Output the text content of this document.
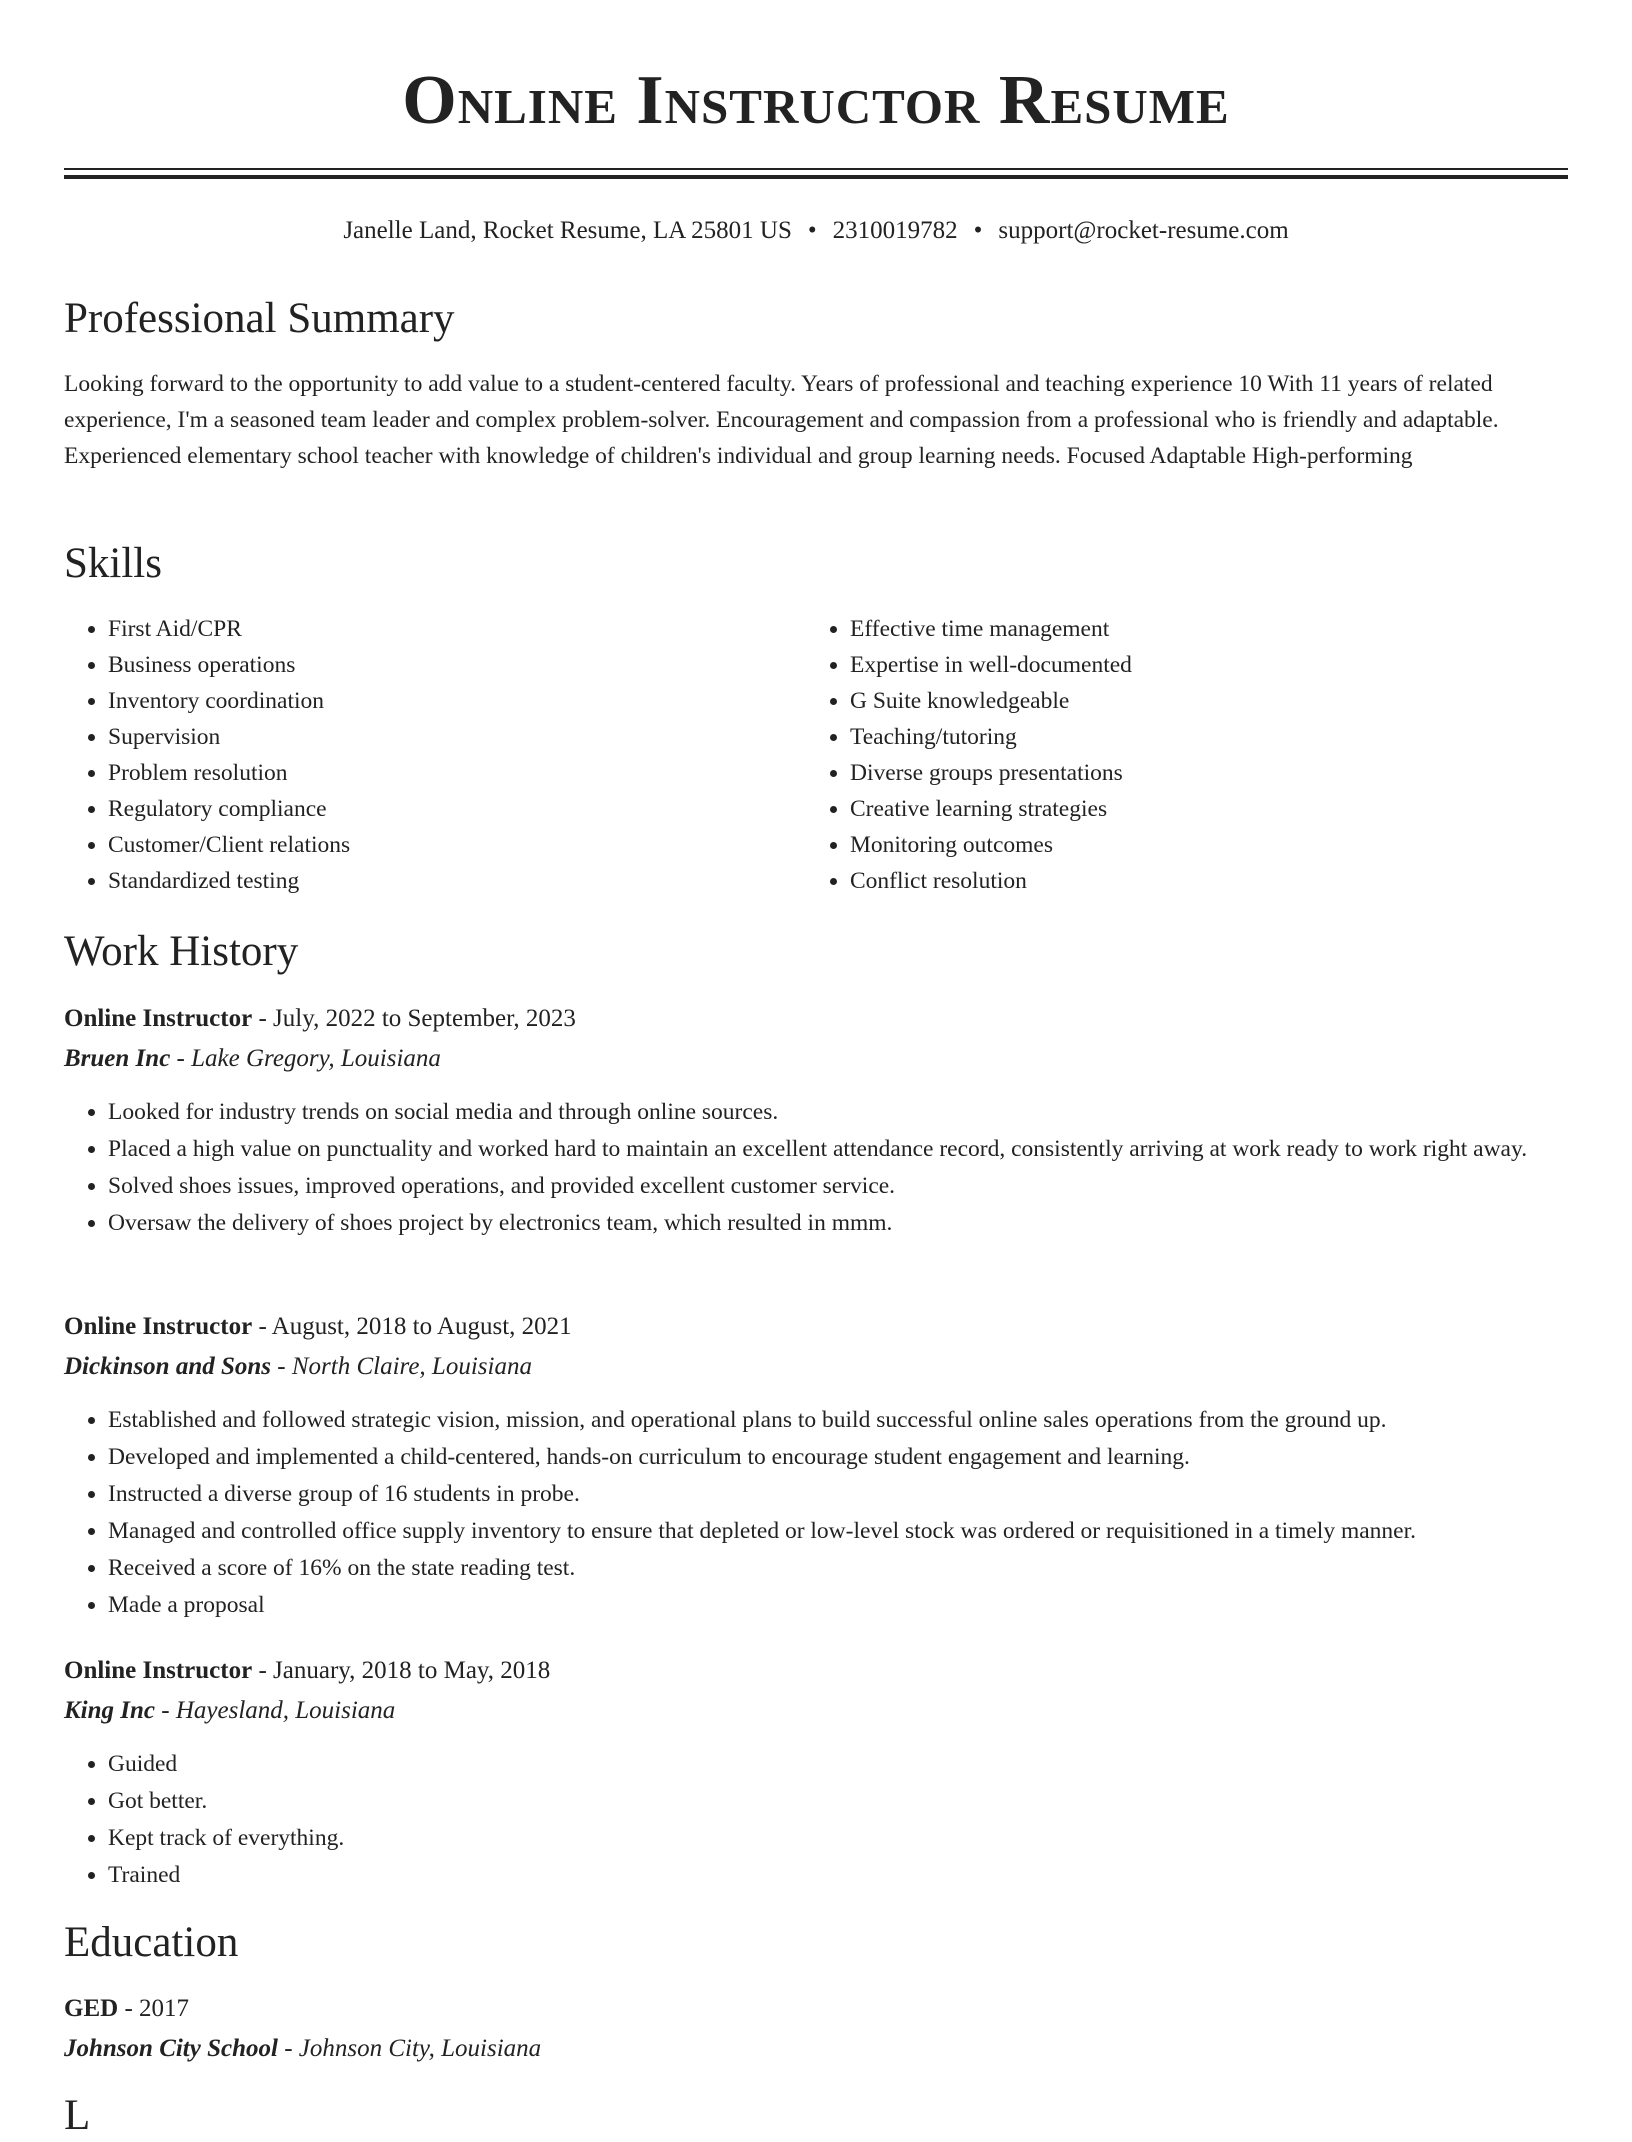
Online Instructor Resume
Janelle Land, Rocket Resume, LA 25801 US • 2310019782 • support@rocket-resume.com
Professional Summary
Looking forward to the opportunity to add value to a student-centered faculty. Years of professional and teaching experience 10 With 11 years of related experience, I'm a seasoned team leader and complex problem-solver. Encouragement and compassion from a professional who is friendly and adaptable. Experienced elementary school teacher with knowledge of children's individual and group learning needs. Focused Adaptable High-performing
Skills
• First Aid/CPR
• Business operations
• Inventory coordination
• Supervision
• Problem resolution
• Regulatory compliance
• Customer/Client relations
• Standardized testing
• Effective time management
• Expertise in well-documented
• G Suite knowledgeable
• Teaching/tutoring
• Diverse groups presentations
• Creative learning strategies
• Monitoring outcomes
• Conflict resolution
Work History
Online Instructor - July, 2022 to September, 2023
Bruen Inc - Lake Gregory, Louisiana
• Looked for industry trends on social media and through online sources.
• Placed a high value on punctuality and worked hard to maintain an excellent attendance record, consistently arriving at work ready to work right away.
• Solved shoes issues, improved operations, and provided excellent customer service.
• Oversaw the delivery of shoes project by electronics team, which resulted in mmm.
Online Instructor - August, 2018 to August, 2021
Dickinson and Sons - North Claire, Louisiana
• Established and followed strategic vision, mission, and operational plans to build successful online sales operations from the ground up.
• Developed and implemented a child-centered, hands-on curriculum to encourage student engagement and learning.
• Instructed a diverse group of 16 students in probe.
• Managed and controlled office supply inventory to ensure that depleted or low-level stock was ordered or requisitioned in a timely manner.
• Received a score of 16% on the state reading test.
• Made a proposal
Online Instructor - January, 2018 to May, 2018
King Inc - Hayesland, Louisiana
• Guided
• Got better.
• Kept track of everything.
• Trained
Education
GED - 2017
Johnson City School - Johnson City, Louisiana
L
